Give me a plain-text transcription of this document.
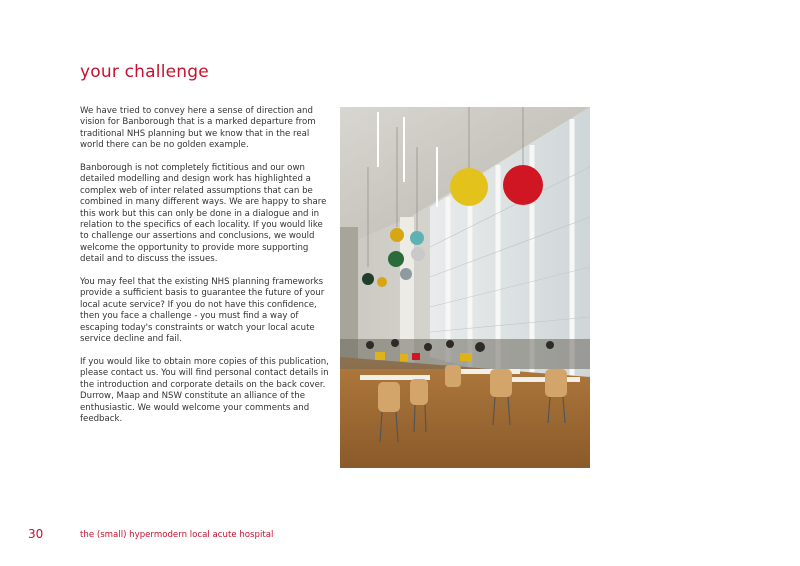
your challenge

We have tried to convey here a sense of direction and vision for Banborough that is a marked departure from traditional NHS planning but we know that in the real world there can be no golden example.

Banborough is not completely fictitious and our own detailed modelling and design work has highlighted a complex web of inter related assumptions that can be combined in many different ways. We are happy to share this work but this can only be done in a dialogue and in relation to the specifics of each locality. If you would like to challenge our assertions and conclusions, we would welcome the opportunity to provide more supporting detail and to discuss the issues.

You may feel that the existing NHS planning frameworks provide a sufficient basis to guarantee the future of your local acute service? If you do not have this confidence, then you face a challenge - you must find a way of escaping today's constraints or watch your local acute service decline and fail.

If you would like to obtain more copies of this publication, please contact us. You will find personal contact details in the introduction and corporate details on the back cover. Durrow, Maap and NSW constitute an alliance of the enthusiastic. We would welcome your comments and feedback.

30	the (small) hypermodern local acute hospital
